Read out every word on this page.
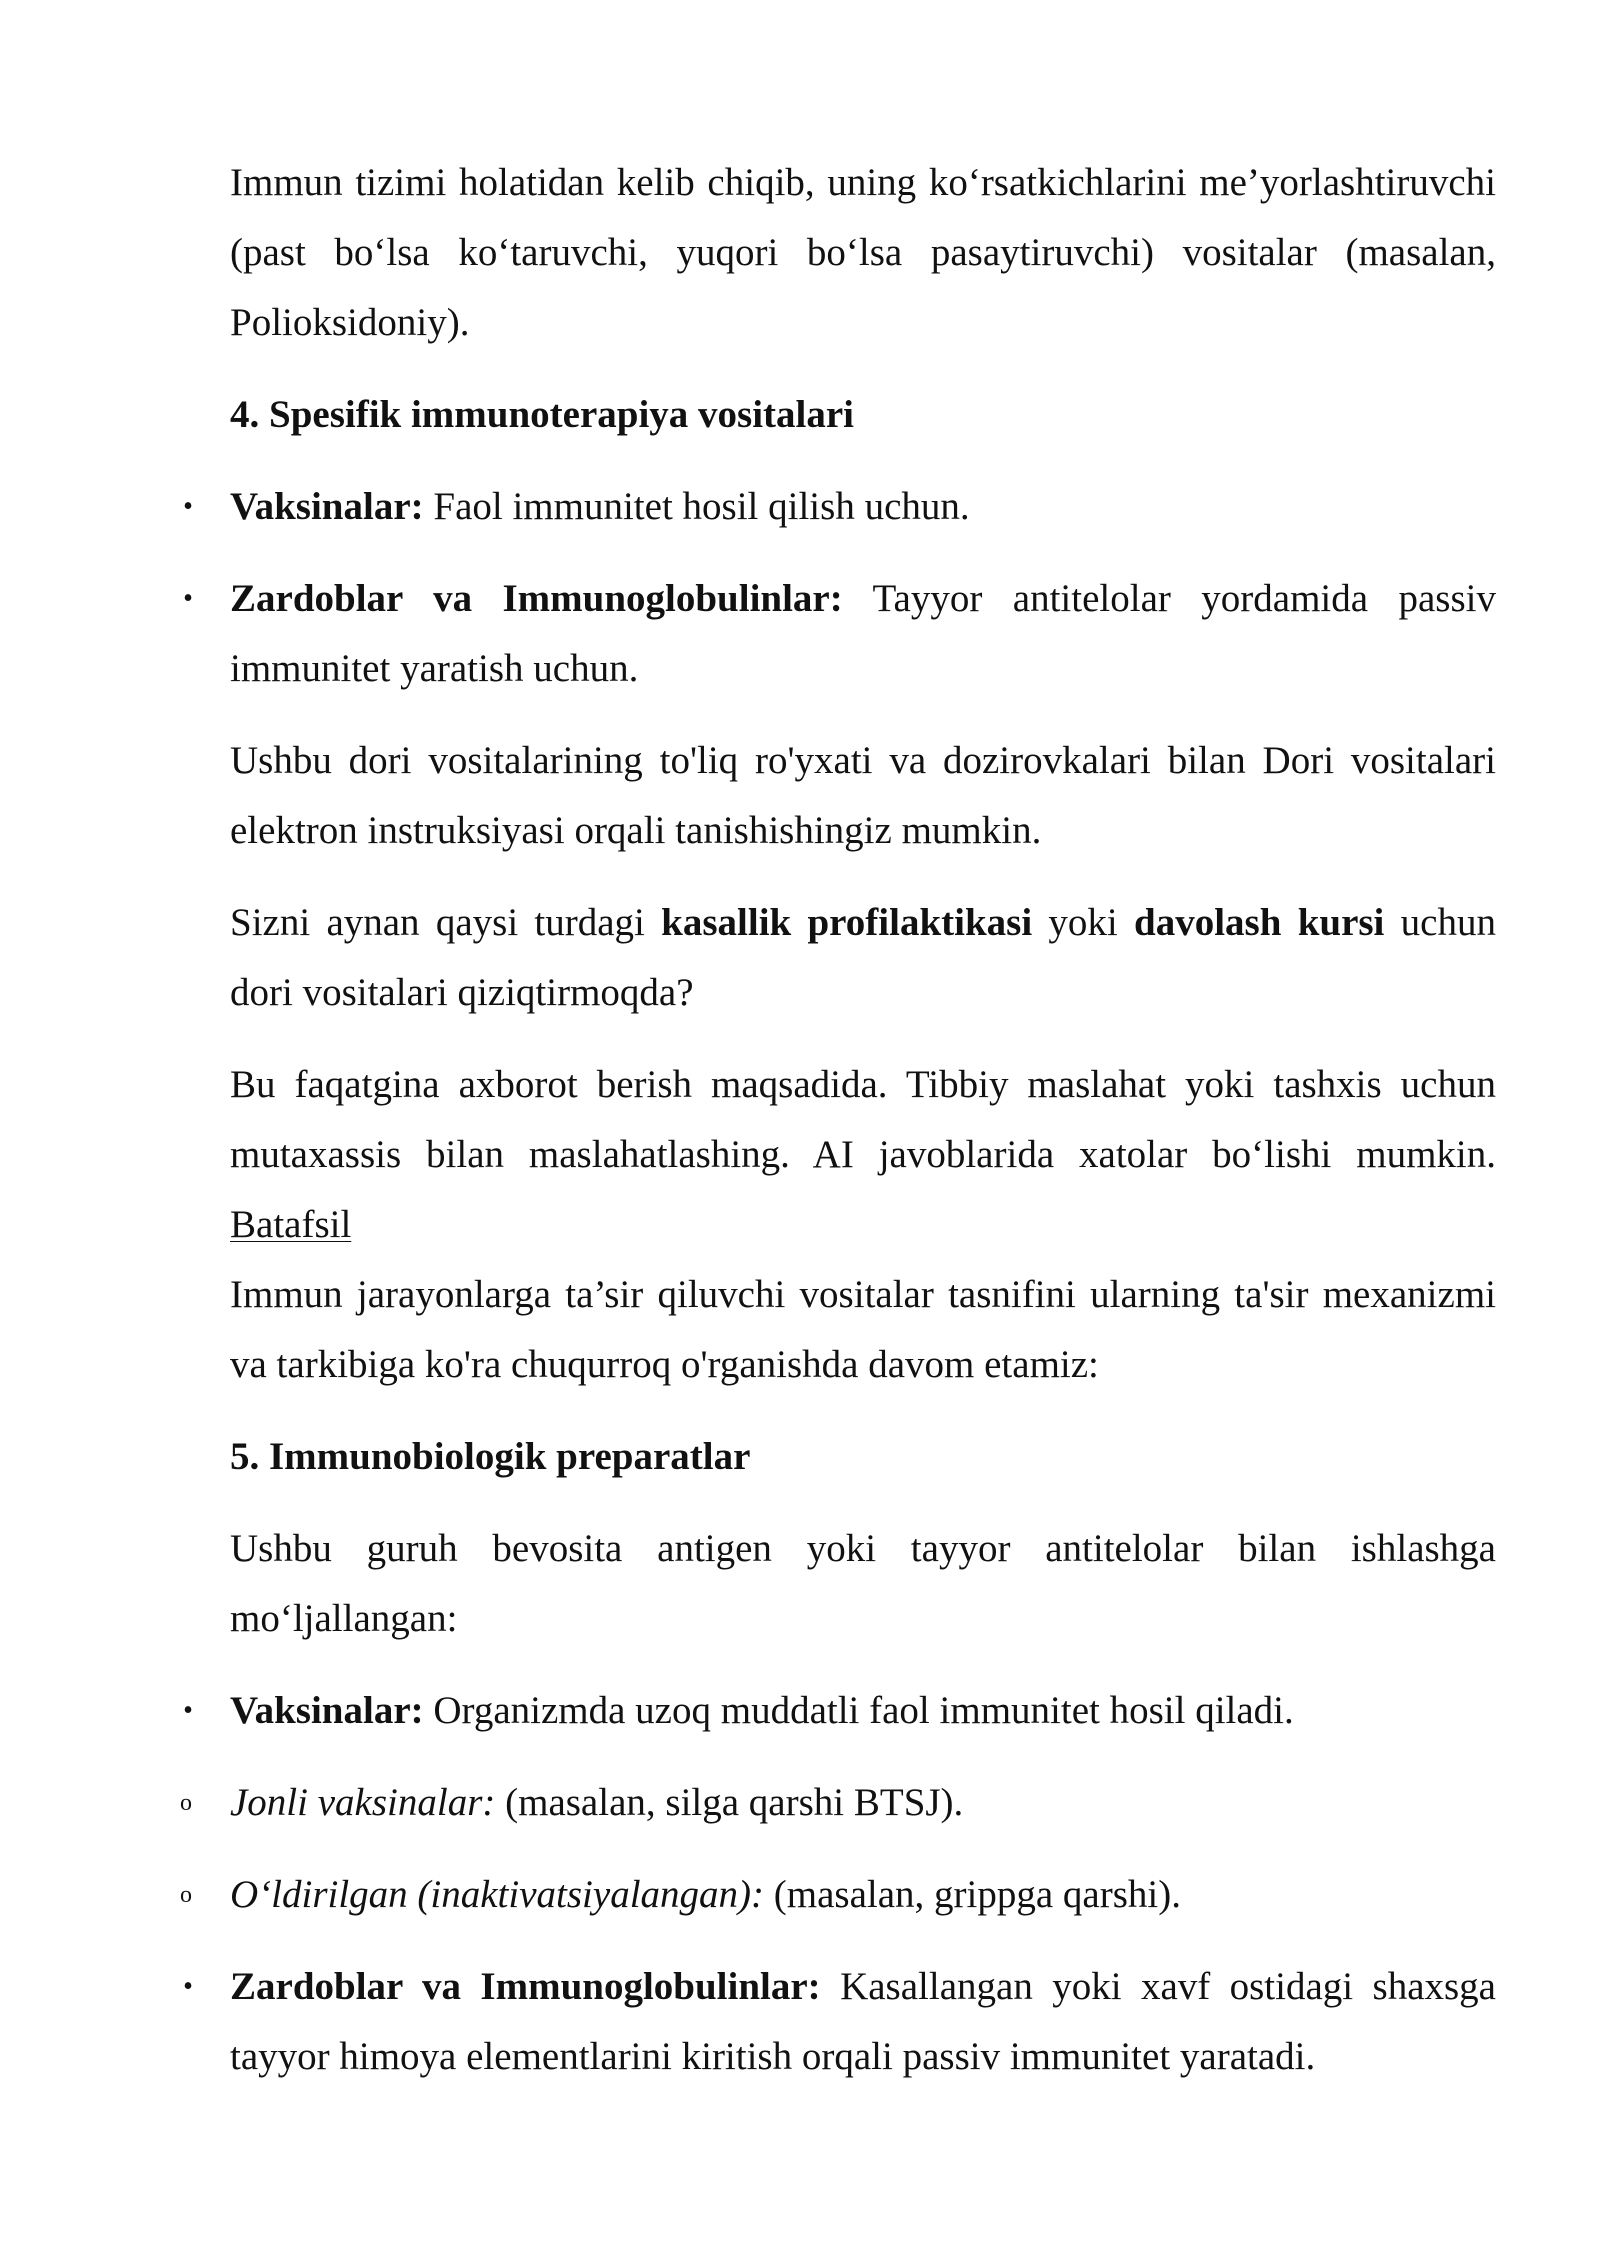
Immun tizimi holatidan kelib chiqib, uning ko‘rsatkichlarini me’yorlashtiruvchi (past bo‘lsa ko‘taruvchi, yuqori bo‘lsa pasaytiruvchi) vositalar (masalan, Polioksidoniy).

4. Spesifik immunoterapiya vositalari

• Vaksinalar: Faol immunitet hosil qilish uchun.
• Zardoblar va Immunoglobulinlar: Tayyor antitelolar yordamida passiv immunitet yaratish uchun.

Ushbu dori vositalarining to'liq ro'yxati va dozirovkalari bilan Dori vositalari elektron instruksiyasi orqali tanishishingiz mumkin.

Sizni aynan qaysi turdagi kasallik profilaktikasi yoki davolash kursi uchun dori vositalari qiziqtirmoqda?

Bu faqatgina axborot berish maqsadida. Tibbiy maslahat yoki tashxis uchun mutaxassis bilan maslahatlashing. AI javoblarida xatolar bo‘lishi mumkin. Batafsil

Immun jarayonlarga ta’sir qiluvchi vositalar tasnifini ularning ta'sir mexanizmi va tarkibiga ko'ra chuqurroq o'rganishda davom etamiz:

5. Immunobiologik preparatlar

Ushbu guruh bevosita antigen yoki tayyor antitelolar bilan ishlashga mo‘ljallangan:

• Vaksinalar: Organizmda uzoq muddatli faol immunitet hosil qiladi.
o Jonli vaksinalar: (masalan, silga qarshi BTSJ).
o O‘ldirilgan (inaktivatsiyalangan): (masalan, grippga qarshi).
• Zardoblar va Immunoglobulinlar: Kasallangan yoki xavf ostidagi shaxsga tayyor himoya elementlarini kiritish orqali passiv immunitet yaratadi.
